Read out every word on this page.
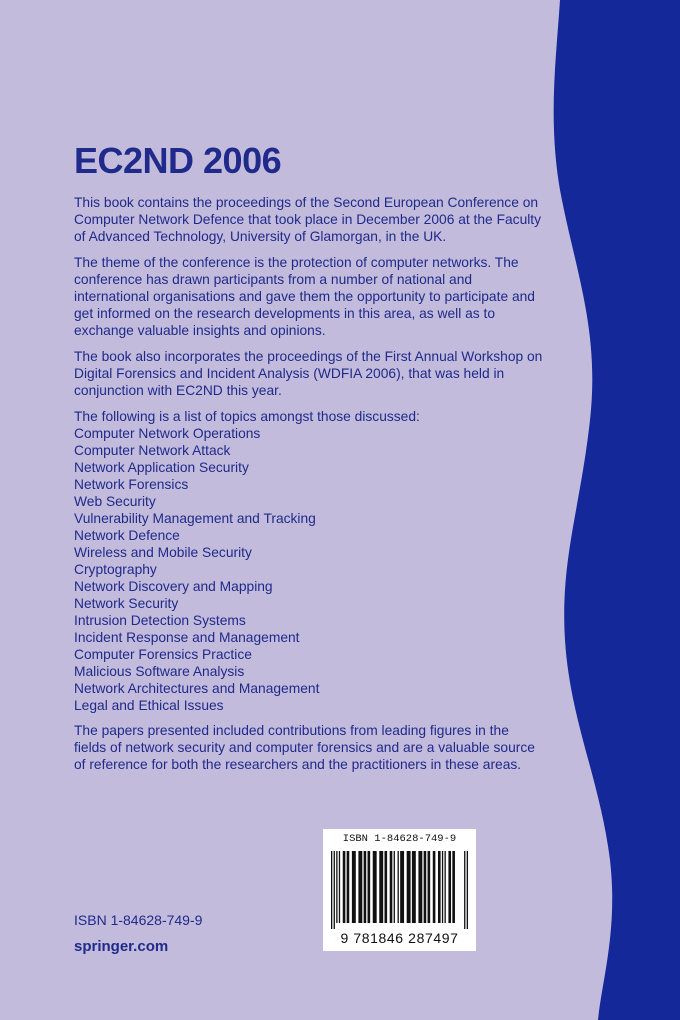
EC2ND 2006

This book contains the proceedings of the Second European Conference on Computer Network Defence that took place in December 2006 at the Faculty of Advanced Technology, University of Glamorgan, in the UK.

The theme of the conference is the protection of computer networks. The conference has drawn participants from a number of national and international organisations and gave them the opportunity to participate and get informed on the research developments in this area, as well as to exchange valuable insights and opinions.

The book also incorporates the proceedings of the First Annual Workshop on Digital Forensics and Incident Analysis (WDFIA 2006), that was held in conjunction with EC2ND this year.

The following is a list of topics amongst those discussed:

Computer Network Operations
Computer Network Attack
Network Application Security
Network Forensics
Web Security
Vulnerability Management and Tracking
Network Defence
Wireless and Mobile Security
Cryptography
Network Discovery and Mapping
Network Security
Intrusion Detection Systems
Incident Response and Management
Computer Forensics Practice
Malicious Software Analysis
Network Architectures and Management
Legal and Ethical Issues

The papers presented included contributions from leading figures in the fields of network security and computer forensics and are a valuable source of reference for both the researchers and the practitioners in these areas.

ISBN 1-84628-749-9
9 781846 287497

ISBN 1-84628-749-9

springer.com
